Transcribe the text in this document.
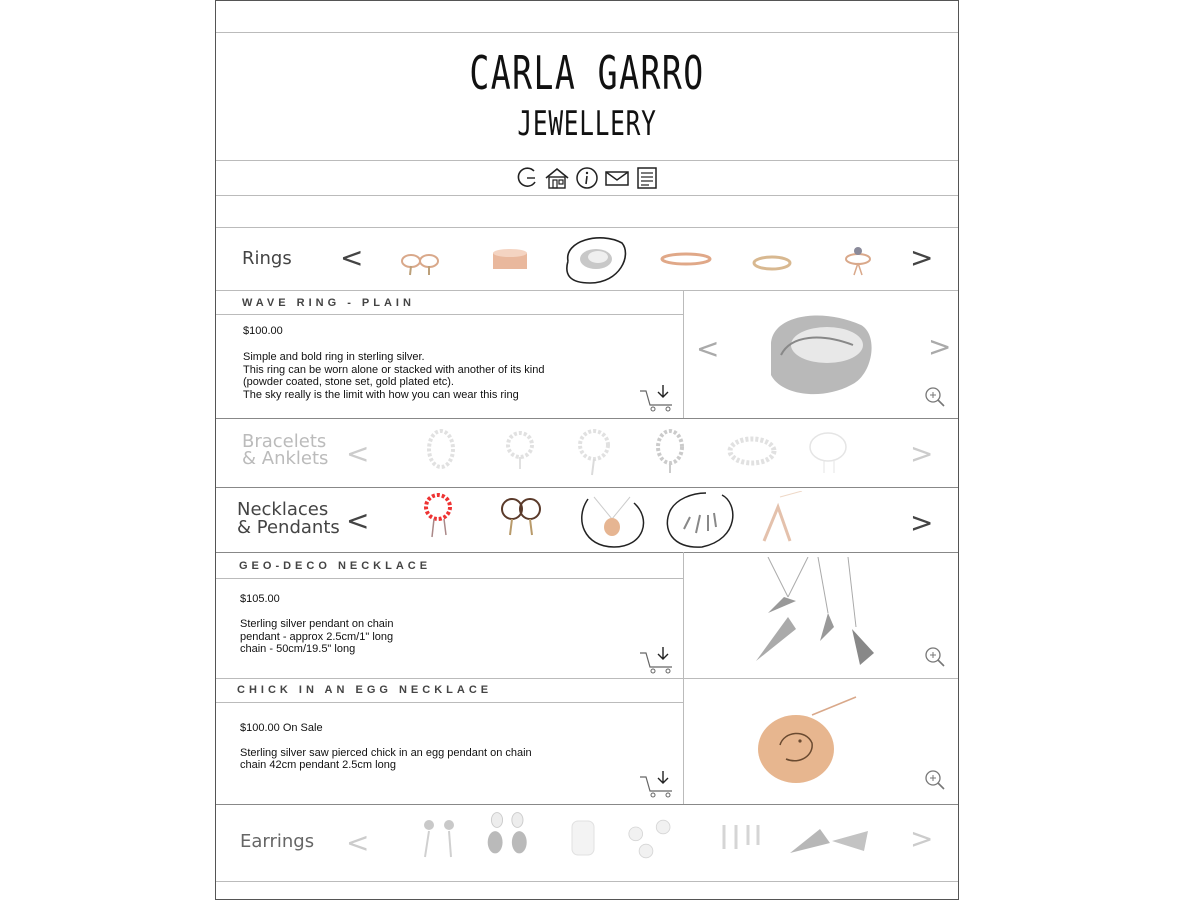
CARLA GARRO
JEWELLERY
Rings <	>
WAVE RING - PLAIN
$100.00
Simple and bold ring in sterling silver.
This ring can be worn alone or stacked with another of its kind
(powder coated, stone set, gold plated etc).
The sky really is the limit with how you can wear this ring
<	>
Bracelets
& Anklets <	>
Necklaces
& Pendants <	>
GEO-DECO NECKLACE
$105.00
Sterling silver pendant on chain
pendant - approx 2.5cm/1" long
chain - 50cm/19.5" long
CHICK IN AN EGG NECKLACE
$100.00 On Sale
Sterling silver saw pierced chick in an egg pendant on chain
chain 42cm pendant 2.5cm long
Earrings <	>
